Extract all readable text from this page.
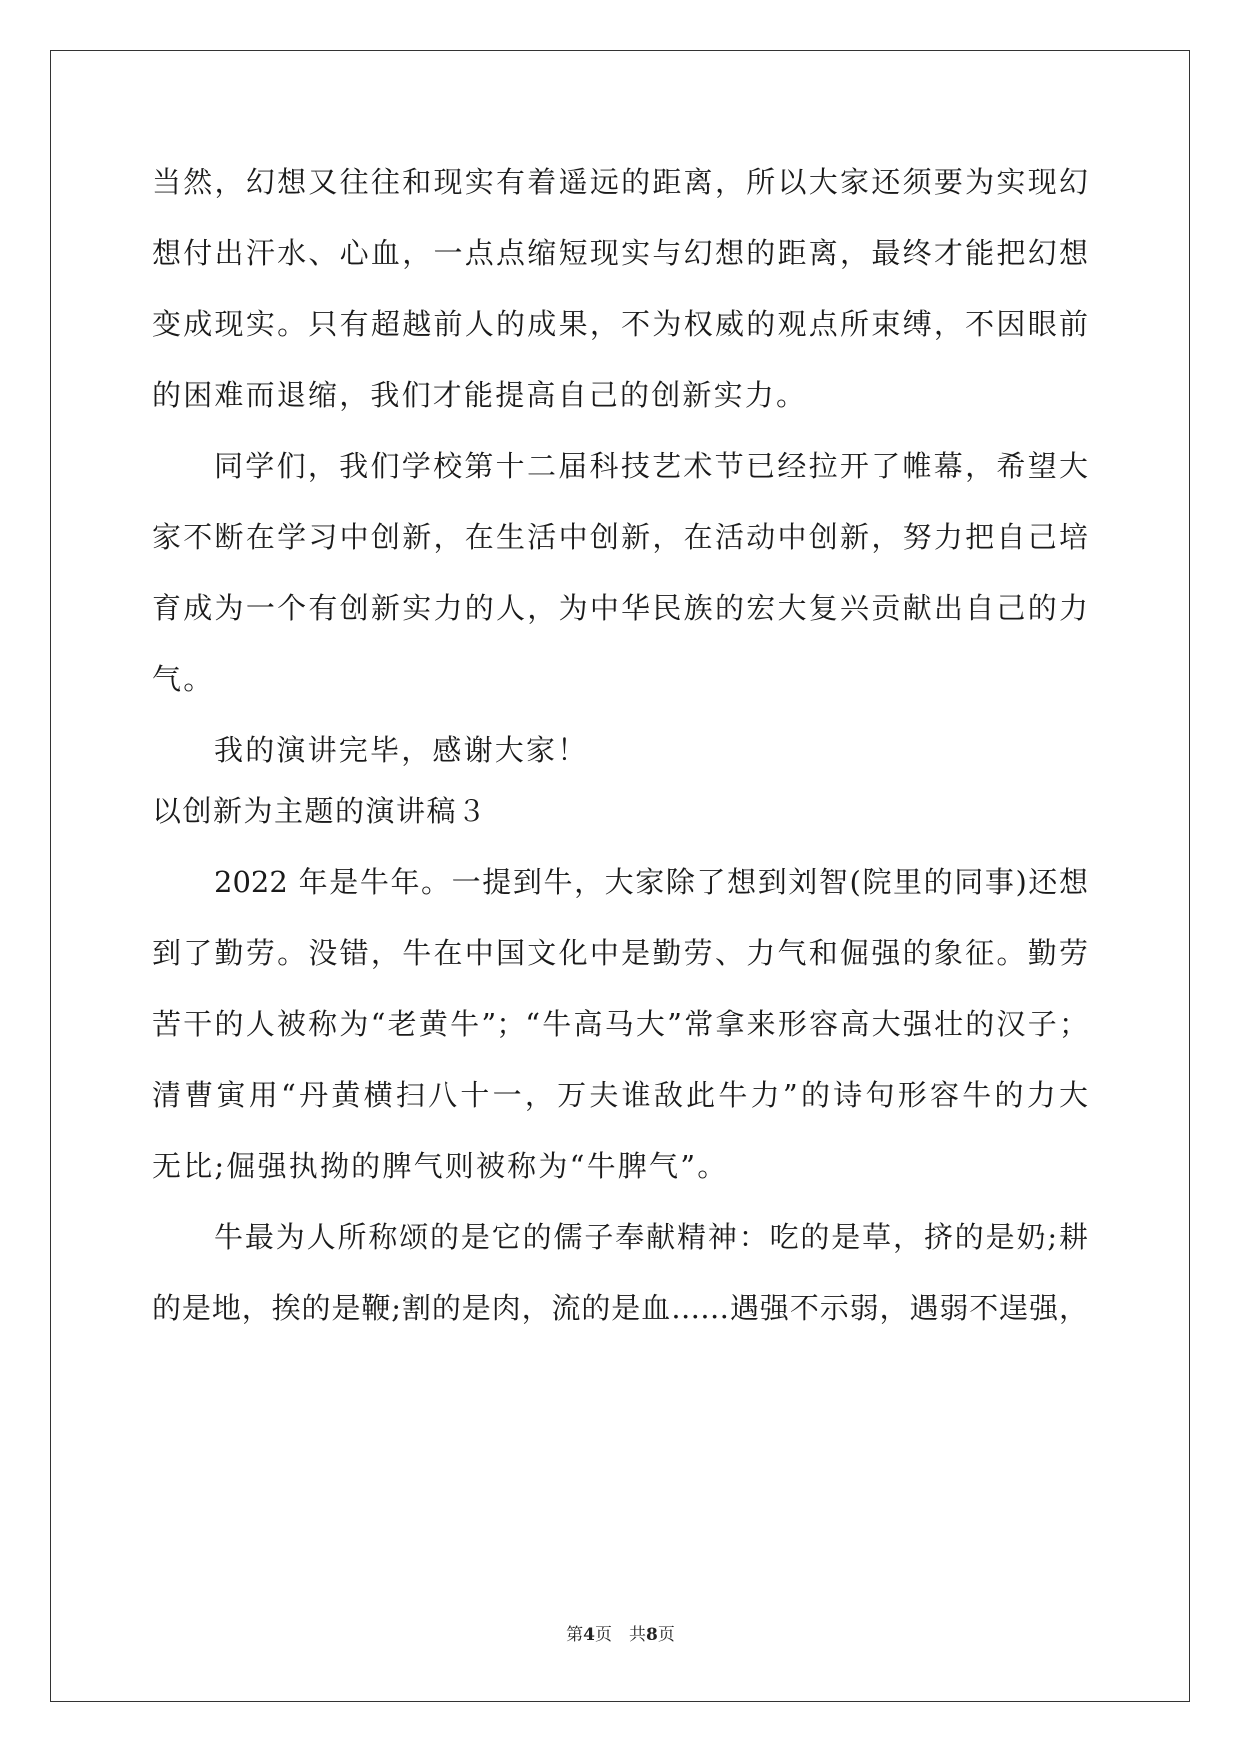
当然，幻想又往往和现实有着遥远的距离，所以大家还须要为实现幻
想付出汗水、心血，一点点缩短现实与幻想的距离，最终才能把幻想
变成现实。只有超越前人的成果，不为权威的观点所束缚，不因眼前
的困难而退缩，我们才能提高自己的创新实力。
同学们，我们学校第十二届科技艺术节已经拉开了帷幕，希望大
家不断在学习中创新，在生活中创新，在活动中创新，努力把自己培
育成为一个有创新实力的人，为中华民族的宏大复兴贡献出自己的力
气。
我的演讲完毕，感谢大家！
以创新为主题的演讲稿３
2022 年是牛年。一提到牛，大家除了想到刘智(院里的同事)还想
到了勤劳。没错，牛在中国文化中是勤劳、力气和倔强的象征。勤劳
苦干的人被称为“老黄牛”；“牛高马大”常拿来形容高大强壮的汉子；
清曹寅用“丹黄横扫八十一，万夫谁敌此牛力”的诗句形容牛的力大
无比;倔强执拗的脾气则被称为“牛脾气”。
牛最为人所称颂的是它的儒子奉献精神：吃的是草，挤的是奶;耕
的是地，挨的是鞭;割的是肉，流的是血……遇强不示弱，遇弱不逞强，
第4页　共8页
